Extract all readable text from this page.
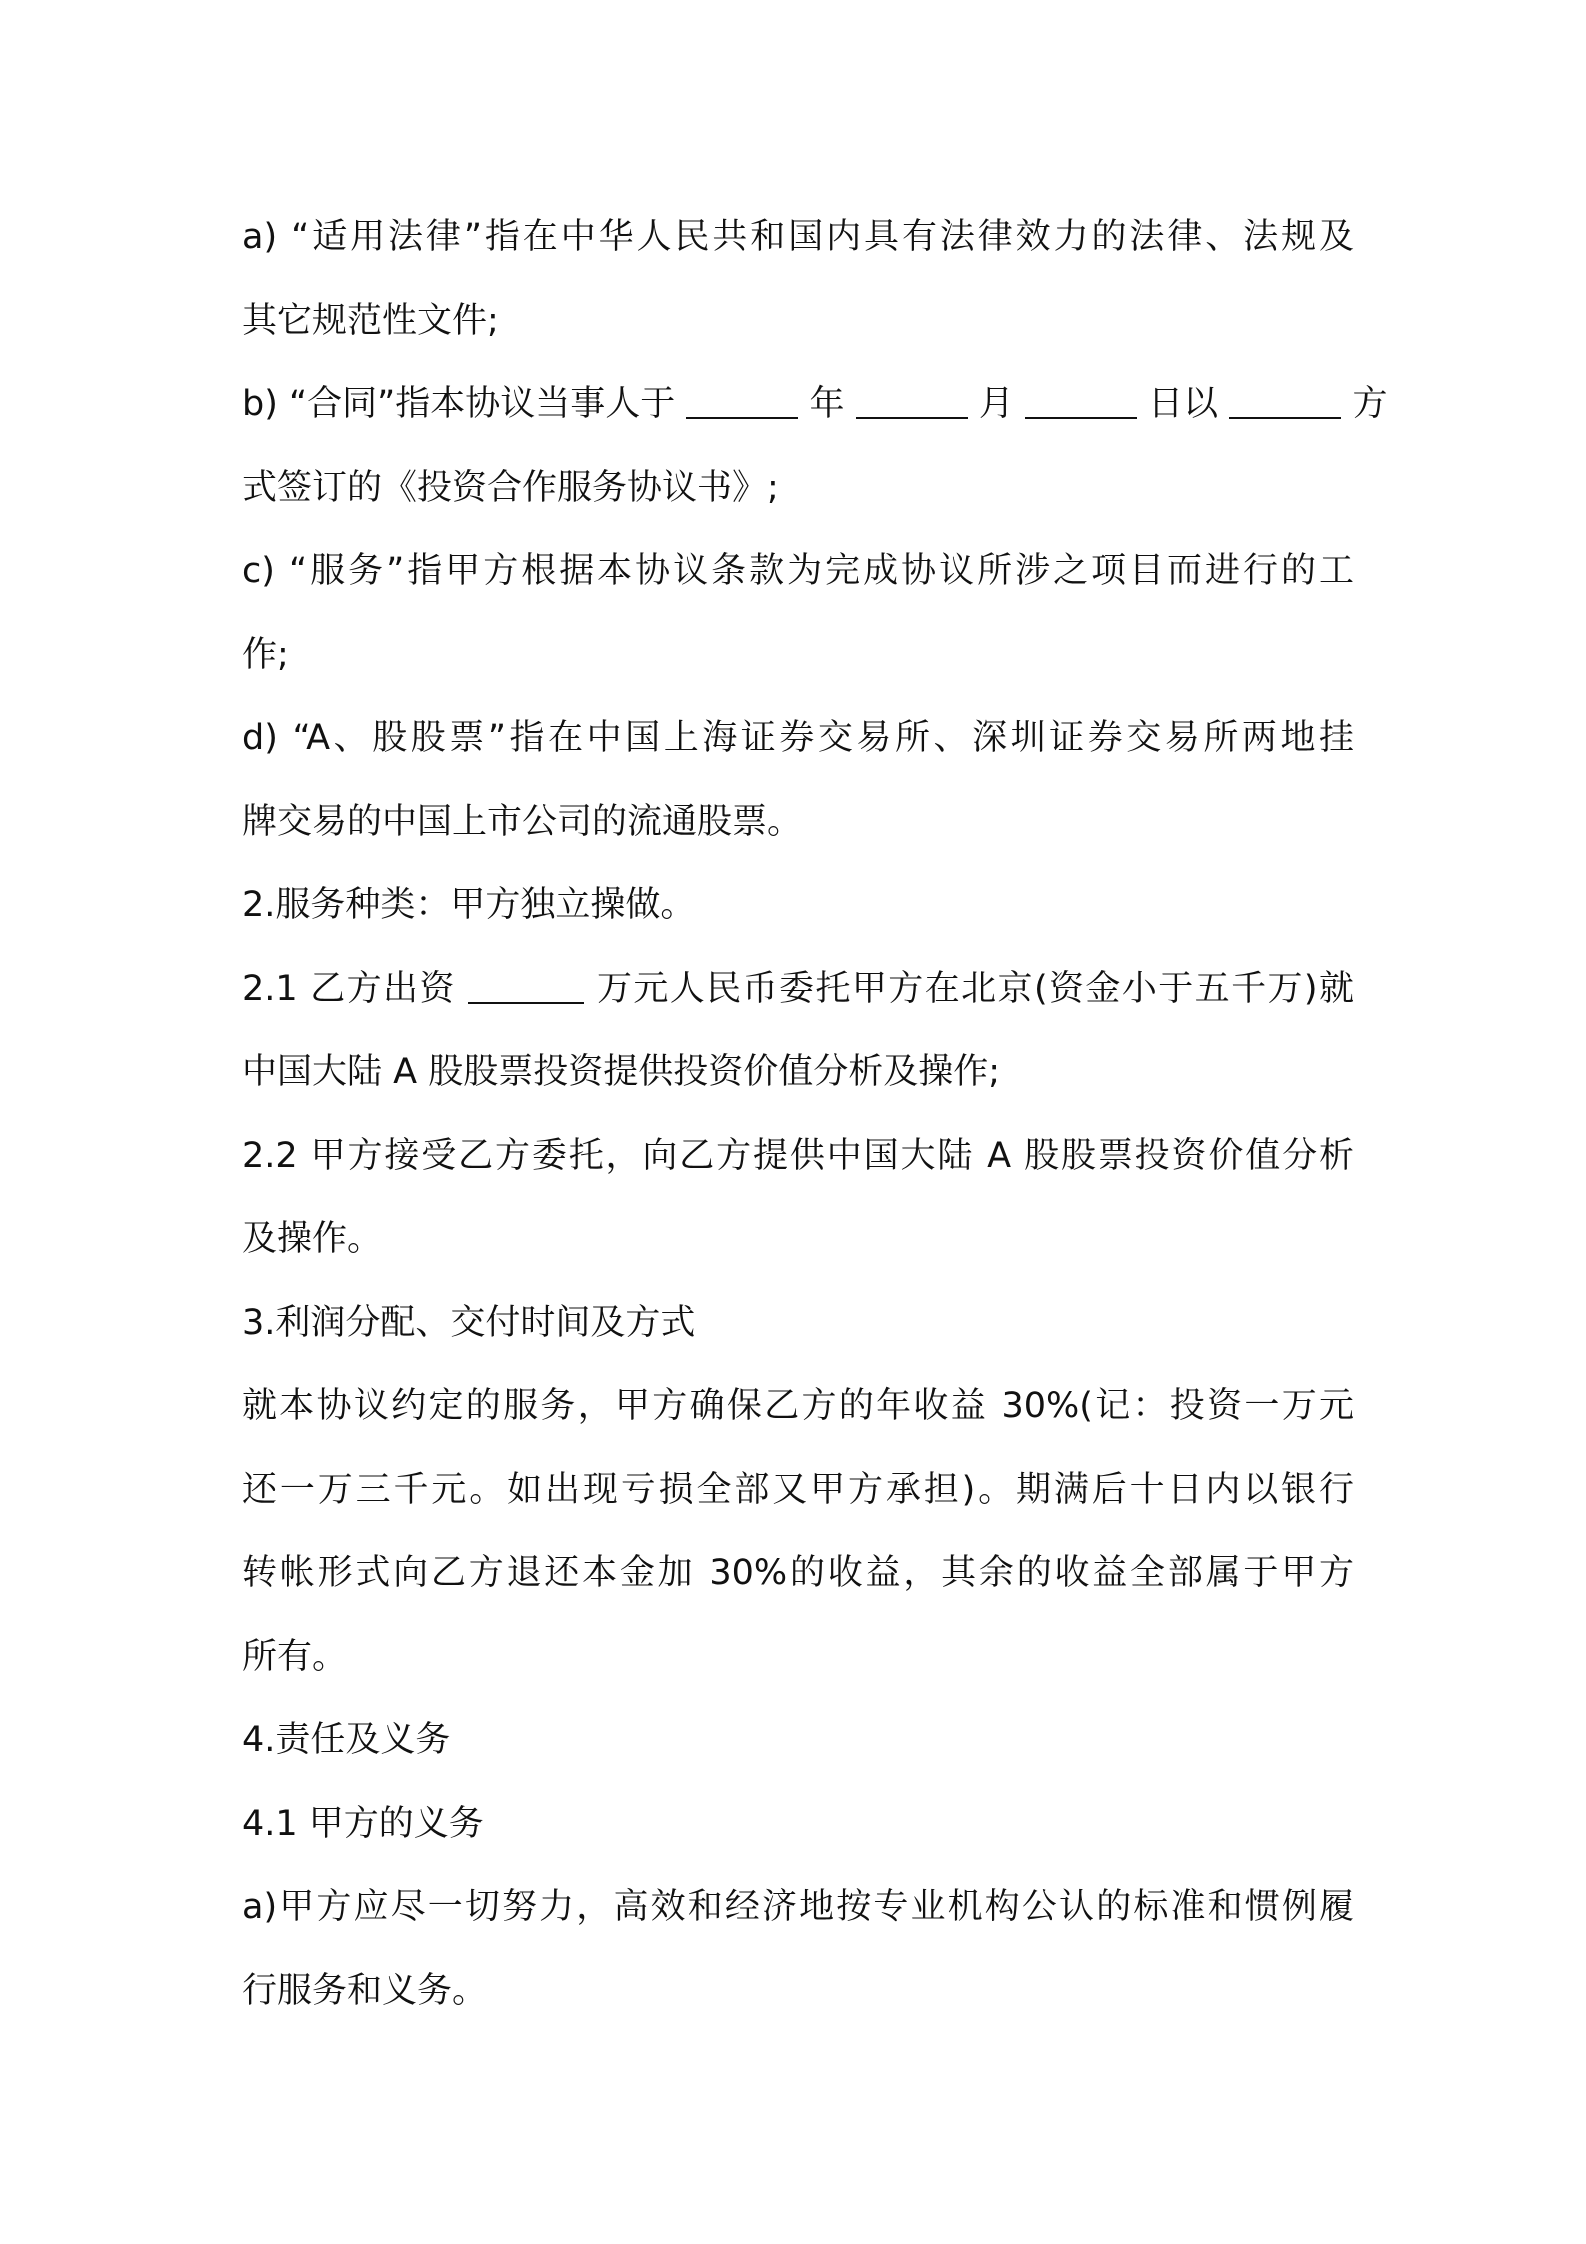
a) “适用法律”指在中华人民共和国内具有法律效力的法律、法规及
其它规范性文件;
b) “合同”指本协议当事人于	年	月	日以	方
式签订的《投资合作服务协议书》;
c) “服务”指甲方根据本协议条款为完成协议所涉之项目而进行的工
作;
d) “A、股股票”指在中国上海证券交易所、深圳证券交易所两地挂
牌交易的中国上市公司的流通股票。
2.服务种类：甲方独立操做。
2.1 乙方出资	万元人民币委托甲方在北京(资金小于五千万)就
中国大陆 A 股股票投资提供投资价值分析及操作;
2.2 甲方接受乙方委托，向乙方提供中国大陆 A 股股票投资价值分析
及操作。
3.利润分配、交付时间及方式
就本协议约定的服务，甲方确保乙方的年收益 30%(记：投资一万元
还一万三千元。如出现亏损全部又甲方承担)。期满后十日内以银行
转帐形式向乙方退还本金加 30%的收益，其余的收益全部属于甲方
所有。
4.责任及义务
4.1 甲方的义务
a)甲方应尽一切努力，高效和经济地按专业机构公认的标准和惯例履
行服务和义务。
